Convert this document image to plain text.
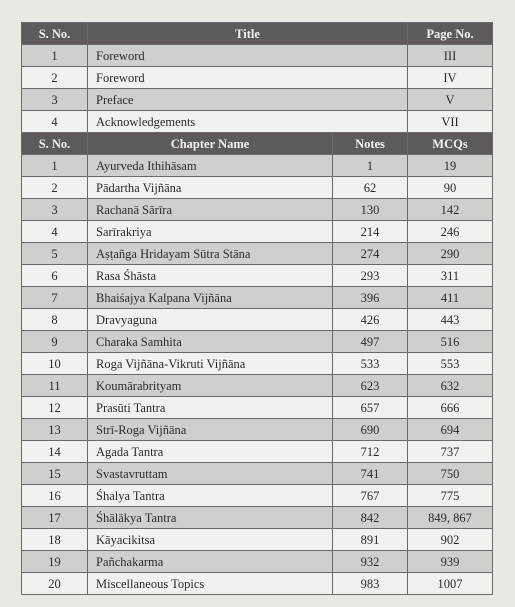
S. No.	Title		Page No.
1	Foreword		III
2	Foreword		IV
3	Preface		V
4	Acknowledgements		VII
S. No.	Chapter Name	Notes	MCQs
1	Ayurveda Ithihāsam	1	19
2	Pādartha Vijñāna	62	90
3	Rachanā Sārīra	130	142
4	Sarīrakriya	214	246
5	Aṣṭañga Hridayam Sūtra Stāna	274	290
6	Rasa Śhāsta	293	311
7	Bhaiśajya Kalpana Vijñāna	396	411
8	Dravyaguna	426	443
9	Charaka Samhita	497	516
10	Roga Vijñāna-Vikruti Vijñāna	533	553
11	Koumārabrityam	623	632
12	Prasūti Tantra	657	666
13	Strī-Roga Vijñāna	690	694
14	Agada Tantra	712	737
15	Svastavruttam	741	750
16	Śhalya Tantra	767	775
17	Śhālākya Tantra	842	849, 867
18	Kāyacikitsa	891	902
19	Pañchakarma	932	939
20	Miscellaneous Topics	983	1007
